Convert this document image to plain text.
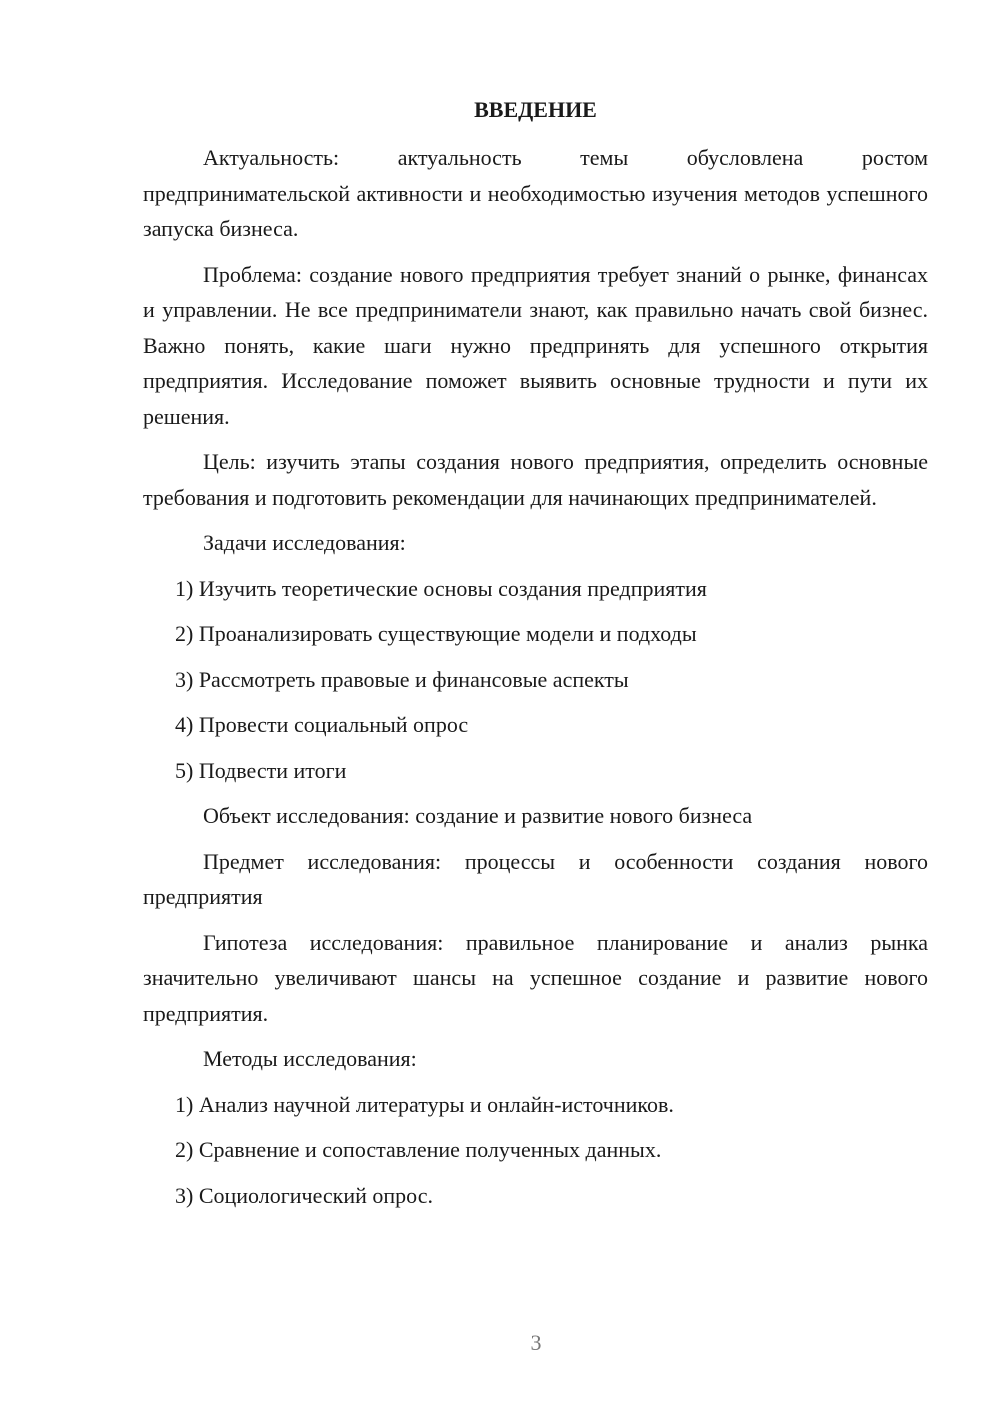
ВВЕДЕНИЕ

Актуальность: актуальность темы обусловлена ростом предпринимательской активности и необходимостью изучения методов успешного запуска бизнеса.

Проблема: создание нового предприятия требует знаний о рынке, финансах и управлении. Не все предприниматели знают, как правильно начать свой бизнес. Важно понять, какие шаги нужно предпринять для успешного открытия предприятия. Исследование поможет выявить основные трудности и пути их решения.

Цель: изучить этапы создания нового предприятия, определить основные требования и подготовить рекомендации для начинающих предпринимателей.

Задачи исследования:

1) Изучить теоретические основы создания предприятия
2) Проанализировать существующие модели и подходы
3) Рассмотреть правовые и финансовые аспекты
4) Провести социальный опрос
5) Подвести итоги

Объект исследования: создание и развитие нового бизнеса

Предмет исследования: процессы и особенности создания нового предприятия

Гипотеза исследования: правильное планирование и анализ рынка значительно увеличивают шансы на успешное создание и развитие нового предприятия.

Методы исследования:

1) Анализ научной литературы и онлайн-источников.
2) Сравнение и сопоставление полученных данных.
3) Социологический опрос.
3
